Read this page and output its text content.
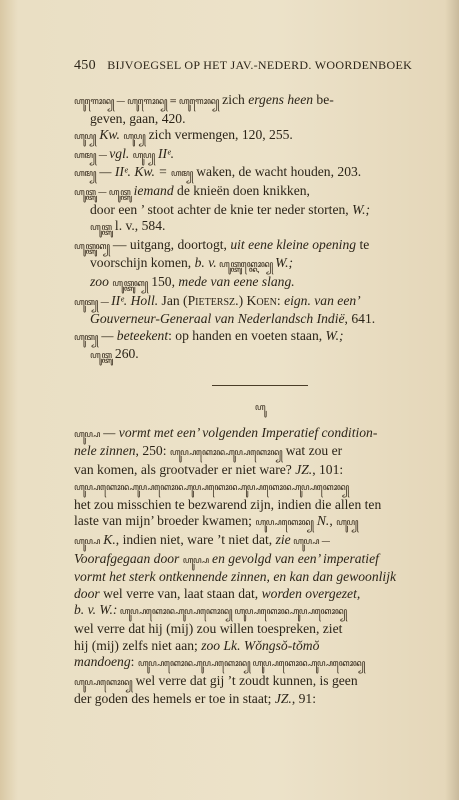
450 BIJVOEGSEL OP HET JAV.-NEDERD. WOORDENBOEK

ꦲꦸꦒꦺꦴꦤ꧀ — ꦲꦸꦒꦺꦴꦤ꧀ = ꦲꦸꦒꦺꦴꦤ꧀ zich ergens heen be-
geven, gaan, 420.

ꦲꦸꦥ꧀ Kw. ꦲꦸꦥ꧀ zich vermengen, 120, 255.

ꦲꦩ꧀ — vgl. ꦲꦸꦥ꧀ IIᵉ.

ꦲꦩ꧀ — IIᵉ. Kw. = ꦲꦩ꧀ waken, de wacht houden, 203.

ꦲꦸꦠ꧀ꦠꦸ — ꦲꦸꦠ꧀ꦠꦸ iemand de knieën doen knikken,
door een ’ stoot achter de knie ter neder storten, W.;
ꦲꦸꦠ꧀ꦠꦸ l. v., 584.

ꦲꦸꦠ꧀ꦠꦸꦏ꧀ — uitgang, doortogt, uit eene kleine opening te
voorschijn komen, b. v. ꦲꦸꦠ꧀ꦠꦸꦏ꧀ꦏꦺꦴꦤ꧀ W.;
zoo ꦲꦸꦠ꧀ꦠꦸꦏ꧀ 150, mede van eene slang.

ꦲꦸꦠ꧀ — IIᵉ. Holl. Jan (Pietersz.) Koen: eign. van een’
Gouverneur-Generaal van Nederlandsch Indië, 641.

ꦲꦸꦠ꧀ — beteekent: op handen en voeten staan, W.;
ꦲꦸꦠ꧀ꦠꦸ 260.

ꦲꦸ
ꦲꦸꦥ꧀ꦥ — vormt met een’ volgenden Imperatief condition-
nele zinnen, 250: ꦲꦸꦥ꧀ꦥꦏꦺꦴꦤ꧀ꦲꦸꦥ꧀ꦥꦏꦺꦴꦤ꧀ wat zou er
van komen, als grootvader er niet ware? JZ., 101:
ꦲꦸꦥ꧀ꦥꦏꦺꦴꦤ꧀ꦲꦸꦥ꧀ꦥꦏꦺꦴꦤ꧀ꦲꦸꦥ꧀ꦥꦏꦺꦴꦤ꧀ꦲꦸꦥ꧀ꦥꦏꦺꦴꦤ꧀ꦲꦸꦥ꧀ꦥꦏꦺꦴꦤ꧀
het zou misschien te bezwarend zijn, indien die allen ten
laste van mijn’ broeder kwamen; ꦲꦸꦥ꧀ꦥꦏꦺꦴꦤ꧀ N., ꦲꦸꦥ꧀
ꦲꦸꦥ꧀ꦥ K., indien niet, ware ’t niet dat, zie ꦲꦸꦥ꧀ꦥ —
Voorafgegaan door ꦲꦸꦥ꧀ꦥ en gevolgd van een’ imperatief
vormt het sterk ontkennende zinnen, en kan dan gewoonlijk
door wel verre van, laat staan dat, worden overgezet,
b. v. W.: ꦲꦸꦥ꧀ꦥꦏꦺꦴꦤ꧀ꦲꦸꦥ꧀ꦥꦏꦺꦴꦤ꧀ ꦲꦸꦥ꧀ꦥꦏꦺꦴꦤ꧀ꦲꦸꦥ꧀ꦥꦏꦺꦴꦤ꧀
wel verre dat hij (mij) zou willen toespreken, ziet
hij (mij) zelfs niet aan; zoo Lk. Wŏngsŏ-tŏmŏ
mandoeng: ꦲꦸꦥ꧀ꦥꦏꦺꦴꦤ꧀ꦲꦸꦥ꧀ꦥꦏꦺꦴꦤ꧀ ꦲꦸꦥ꧀ꦥꦏꦺꦴꦤ꧀ꦲꦸꦥ꧀ꦥꦏꦺꦴꦤ꧀
ꦲꦸꦥ꧀ꦥꦏꦺꦴꦤ꧀ wel verre dat gij ’t zoudt kunnen, is geen
der goden des hemels er toe in staat; JZ., 91:
